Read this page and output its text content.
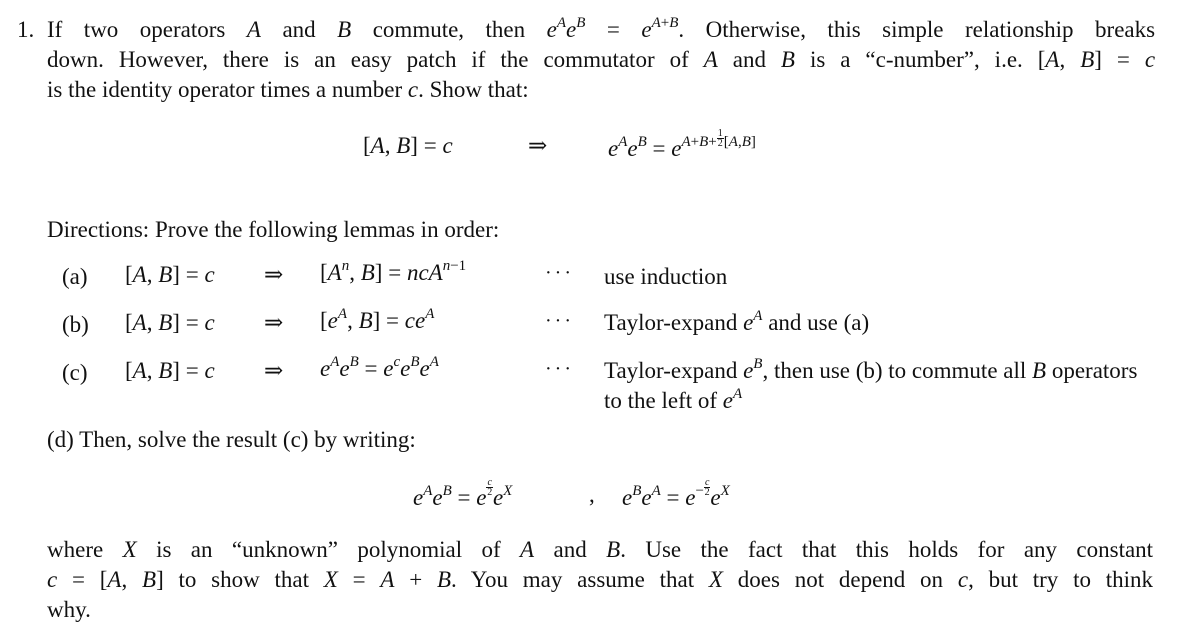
1. If two operators A and B commute, then $e^Ae^B = e^{A+B}$. Otherwise, this simple relationship breaks
down. However, there is an easy patch if the commutator of A and B is a “c-number”, i.e. [A, B] = c
is the identity operator times a number c. Show that:
[A, B] = c	⇒	$e^Ae^B = e^{A+B+ \frac{1}{2} [A,B]}$
Directions: Prove the following lemmas in order:
(a) [A, B] = c ⇒ [$A^n$, B] = ncA$^{n-1}$	··· use induction
(b) [A, B] = c ⇒ [$e^A$, $B] = ce^A$	··· Taylor-expand $e^A$ and use (a)
(c) [A, B] = c ⇒ $e^Ae^B = e^ce^Be^A$	··· Taylor-expand $e^B$, then use (b) to commute all B operators to the left of $e^A$
(d) Then, solve the result (c) by writing:
$e^Ae^B = e$ $^{\frac{c}{2}}$ $e^X$	, $e^Be^A = e^{- \frac{c}{2}}$ $e^X$
where X is an “unknown” polynomial of A and B. Use the fact that this holds for any constant
c = [A, B] to show that X = A + B. You may assume that X does not depend on c, but try to think
why.
